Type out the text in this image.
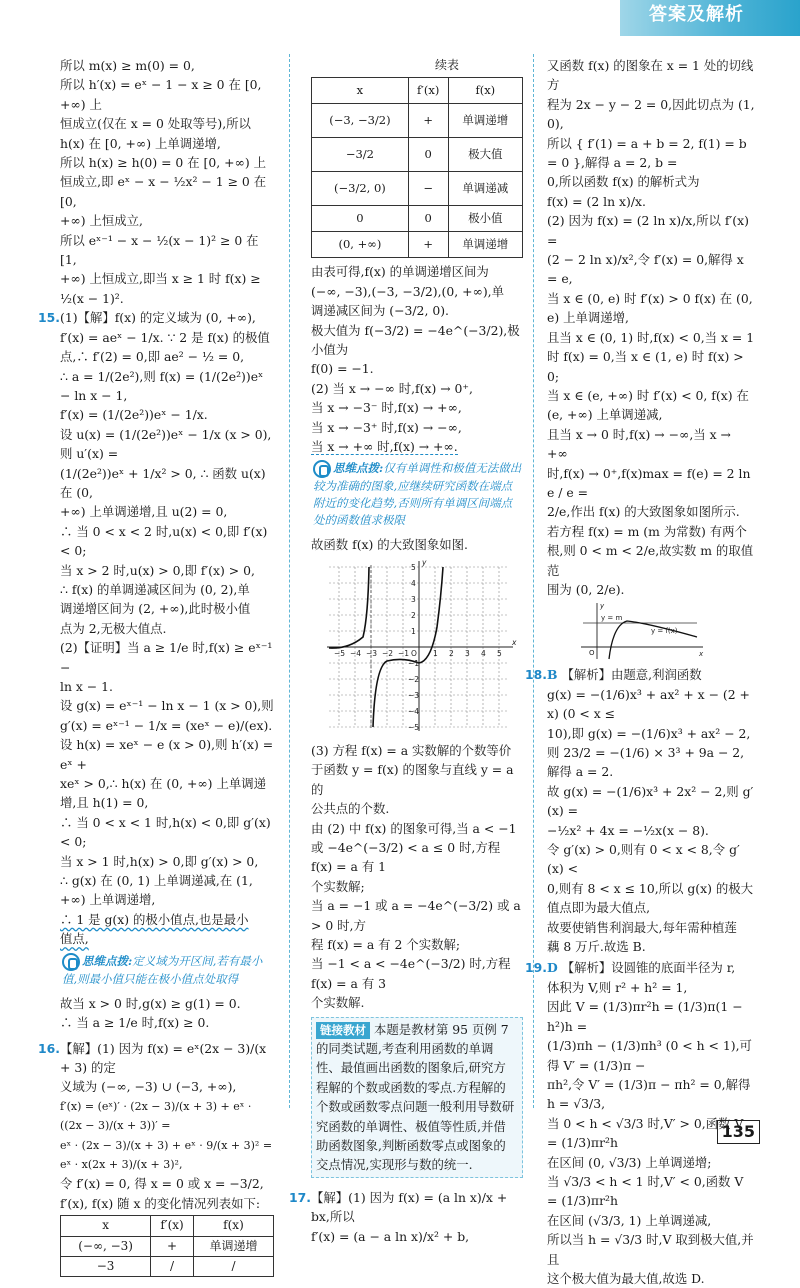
答案及解析

所以 m(x) ≥ m(0) = 0,

所以 h′(x) = eˣ − 1 − x ≥ 0 在 [0, +∞) 上

恒成立(仅在 x = 0 处取等号),所以

h(x) 在 [0, +∞) 上单调递增,

所以 h(x) ≥ h(0) = 0 在 [0, +∞) 上

恒成立,即 eˣ − x − ½x² − 1 ≥ 0 在 [0,

+∞) 上恒成立,

所以 eˣ⁻¹ − x − ½(x − 1)² ≥ 0 在 [1,

+∞) 上恒成立,即当 x ≥ 1 时 f(x) ≥

½(x − 1)².

15.(1)【解】f(x) 的定义域为 (0, +∞),

f′(x) = aeˣ − 1/x. ∵ 2 是 f(x) 的极值

点,∴ f′(2) = 0,即 ae² − ½ = 0,

∴ a = 1/(2e²),则 f(x) = (1/(2e²))eˣ − ln x − 1,

f′(x) = (1/(2e²))eˣ − 1/x.

设 u(x) = (1/(2e²))eˣ − 1/x (x > 0),则 u′(x) =

(1/(2e²))eˣ + 1/x² > 0, ∴ 函数 u(x) 在 (0,

+∞) 上单调递增,且 u(2) = 0,

∴ 当 0 < x < 2 时,u(x) < 0,即 f′(x) < 0;

当 x > 2 时,u(x) > 0,即 f′(x) > 0,

∴ f(x) 的单调递减区间为 (0, 2),单

调递增区间为 (2, +∞),此时极小值

点为 2,无极大值点.

(2)【证明】当 a ≥ 1/e 时,f(x) ≥ eˣ⁻¹ −

ln x − 1.

设 g(x) = eˣ⁻¹ − ln x − 1 (x > 0),则

g′(x) = eˣ⁻¹ − 1/x = (xeˣ − e)/(ex).

设 h(x) = xeˣ − e (x > 0),则 h′(x) = eˣ +

xeˣ > 0,∴ h(x) 在 (0, +∞) 上单调递

增,且 h(1) = 0,

∴ 当 0 < x < 1 时,h(x) < 0,即 g′(x) < 0;

当 x > 1 时,h(x) > 0,即 g′(x) > 0,

∴ g(x) 在 (0, 1) 上单调递减,在 (1,

+∞) 上单调递增,

∴ 1 是 g(x) 的极小值点,也是最小

值点,

思维点拨:定义域为开区间,若有最小值,则最小值只能在极小值点处取得

故当 x > 0 时,g(x) ≥ g(1) = 0.

∴ 当 a ≥ 1/e 时,f(x) ≥ 0.

16.【解】(1) 因为 f(x) = eˣ(2x − 3)/(x + 3) 的定

义域为 (−∞, −3) ∪ (−3, +∞),

f′(x) = (eˣ)′ · (2x − 3)/(x + 3) + eˣ · ((2x − 3)/(x + 3))′ =

eˣ · (2x − 3)/(x + 3) + eˣ · 9/(x + 3)² = eˣ · x(2x + 3)/(x + 3)²,

令 f′(x) = 0, 得 x = 0 或 x = −3/2,

f′(x), f(x) 随 x 的变化情况列表如下:

x	f′(x)	f(x)
(−∞, −3)	+	单调递增
−3	/	/

续表

x	f′(x)	f(x)
(−3, −3/2)	+	单调递增
−3/2	0	极大值
(−3/2, 0)	−	单调递减
0	0	极小值
(0, +∞)	+	单调递增

由表可得,f(x) 的单调递增区间为

(−∞, −3),(−3, −3/2),(0, +∞),单

调递减区间为 (−3/2, 0).

极大值为 f(−3/2) = −4e^(−3/2),极小值为

f(0) = −1.

(2) 当 x → −∞ 时,f(x) → 0⁺,

当 x → −3⁻ 时,f(x) → +∞,

当 x → −3⁺ 时,f(x) → −∞,

当 x → +∞ 时,f(x) → +∞.

思维点拨:仅有单调性和极值无法做出较为准确的图象,应继续研究函数在端点附近的变化趋势,否则所有单调区间端点处的函数值求极限

故函数 f(x) 的大致图象如图.

−5 −4 −3 −2 −1 O 1 2 3 4 5
x
y
5
4
3
2
1
−1
−2
−3
−4
−5

(3) 方程 f(x) = a 实数解的个数等价

于函数 y = f(x) 的图象与直线 y = a 的

公共点的个数.

由 (2) 中 f(x) 的图象可得,当 a < −1

或 −4e^(−3/2) < a ≤ 0 时,方程 f(x) = a 有 1

个实数解;

当 a = −1 或 a = −4e^(−3/2) 或 a > 0 时,方

程 f(x) = a 有 2 个实数解;

当 −1 < a < −4e^(−3/2) 时,方程 f(x) = a 有 3

个实数解.

链接教材 本题是教材第 95 页例 7 的同类试题,考查利用函数的单调性、最值画出函数的图象后,研究方程解的个数或函数的零点.方程解的个数或函数零点问题一般利用导数研究函数的单调性、极值等性质,并借助函数图象,判断函数零点或图象的交点情况,实现形与数的统一.

17.【解】(1) 因为 f(x) = (a ln x)/x + bx,所以

f′(x) = (a − a ln x)/x² + b,

又函数 f(x) 的图象在 x = 1 处的切线方

程为 2x − y − 2 = 0,因此切点为 (1, 0),

所以 { f′(1) = a + b = 2, f(1) = b = 0 },解得 a = 2, b =

0,所以函数 f(x) 的解析式为

f(x) = (2 ln x)/x.

(2) 因为 f(x) = (2 ln x)/x,所以 f′(x) =

(2 − 2 ln x)/x²,令 f′(x) = 0,解得 x = e,

当 x ∈ (0, e) 时 f′(x) > 0 f(x) 在 (0,

e) 上单调递增,

且当 x ∈ (0, 1) 时,f(x) < 0,当 x = 1

时 f(x) = 0,当 x ∈ (1, e) 时 f(x) > 0;

当 x ∈ (e, +∞) 时 f′(x) < 0, f(x) 在

(e, +∞) 上单调递减,

且当 x → 0 时,f(x) → −∞,当 x → +∞

时,f(x) → 0⁺,f(x)max = f(e) = 2 ln e / e =

2/e,作出 f(x) 的大致图象如图所示.

若方程 f(x) = m (m 为常数) 有两个

根,则 0 < m < 2/e,故实数 m 的取值范

围为 (0, 2/e).

y
x
y = m
y = f(x)
O

18.B 【解析】由题意,利润函数

g(x) = −(1/6)x³ + ax² + x − (2 + x) (0 < x ≤

10),即 g(x) = −(1/6)x³ + ax² − 2,

则 23/2 = −(1/6) × 3³ + 9a − 2,解得 a = 2.

故 g(x) = −(1/6)x³ + 2x² − 2,则 g′(x) =

−½x² + 4x = −½x(x − 8).

令 g′(x) > 0,则有 0 < x < 8,令 g′(x) <

0,则有 8 < x ≤ 10,所以 g(x) 的极大

值点即为最大值点,

故要使销售利润最大,每年需种植莲

藕 8 万斤.故选 B.

19.D 【解析】设圆锥的底面半径为 r,

体积为 V,则 r² + h² = 1,

因此 V = (1/3)πr²h = (1/3)π(1 − h²)h =

(1/3)πh − (1/3)πh³ (0 < h < 1),可得 V′ = (1/3)π −

πh²,令 V′ = (1/3)π − πh² = 0,解得 h = √3/3,

当 0 < h < √3/3 时,V′ > 0,函数 V = (1/3)πr²h

在区间 (0, √3/3) 上单调递增;

当 √3/3 < h < 1 时,V′ < 0,函数 V = (1/3)πr²h

在区间 (√3/3, 1) 上单调递减,

所以当 h = √3/3 时,V 取到极大值,并且

这个极大值为最大值,故选 D.

135
